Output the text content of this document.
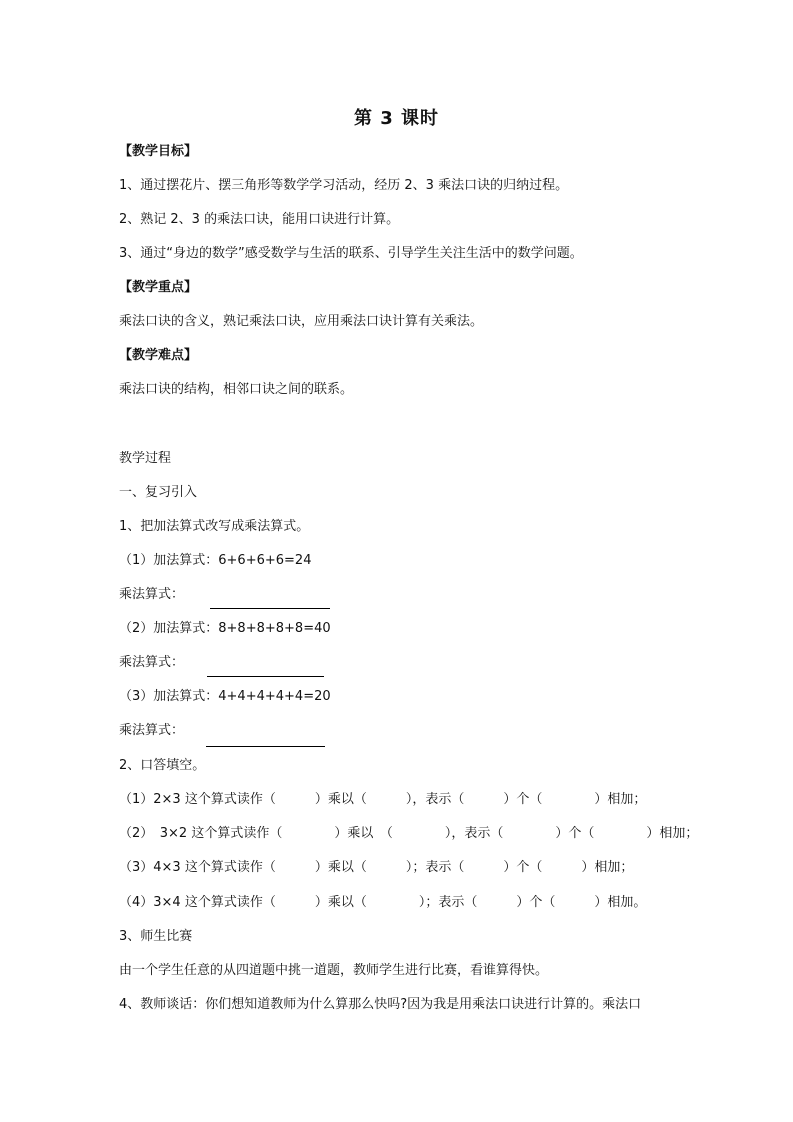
第 3 课时
【教学目标】
1、通过摆花片、摆三角形等数学学习活动，经历 2、3 乘法口诀的归纳过程。
2、熟记 2、3 的乘法口诀，能用口诀进行计算。
3、通过“身边的数学”感受数学与生活的联系、引导学生关注生活中的数学问题。
【教学重点】
乘法口诀的含义，熟记乘法口诀，应用乘法口诀计算有关乘法。
【教学难点】
乘法口诀的结构，相邻口诀之间的联系。
教学过程
一、复习引入
1、把加法算式改写成乘法算式。
（1）加法算式：6+6+6+6=24
乘法算式：
（2）加法算式：8+8+8+8+8=40
乘法算式：
（3）加法算式：4+4+4+4+4=20
乘法算式：
2、口答填空。
（1）2×3 这个算式读作（　　　）乘以（　　　），表示（　　　）个（　　　　）相加；
（2）　3×2 这个算式读作（　　　　）乘以　（　　　　），表示（　　　　）个（　　　　）相加；
（3）4×3 这个算式读作（　　　）乘以（　　　）；表示（　　　）个（　　　）相加；
（4）3×4 这个算式读作（　　　）乘以（　　　　）；表示（　　　）个（　　　）相加。
3、师生比赛
由一个学生任意的从四道题中挑一道题，教师学生进行比赛，看谁算得快。
4、教师谈话：你们想知道教师为什么算那么快吗?因为我是用乘法口诀进行计算的。乘法口
